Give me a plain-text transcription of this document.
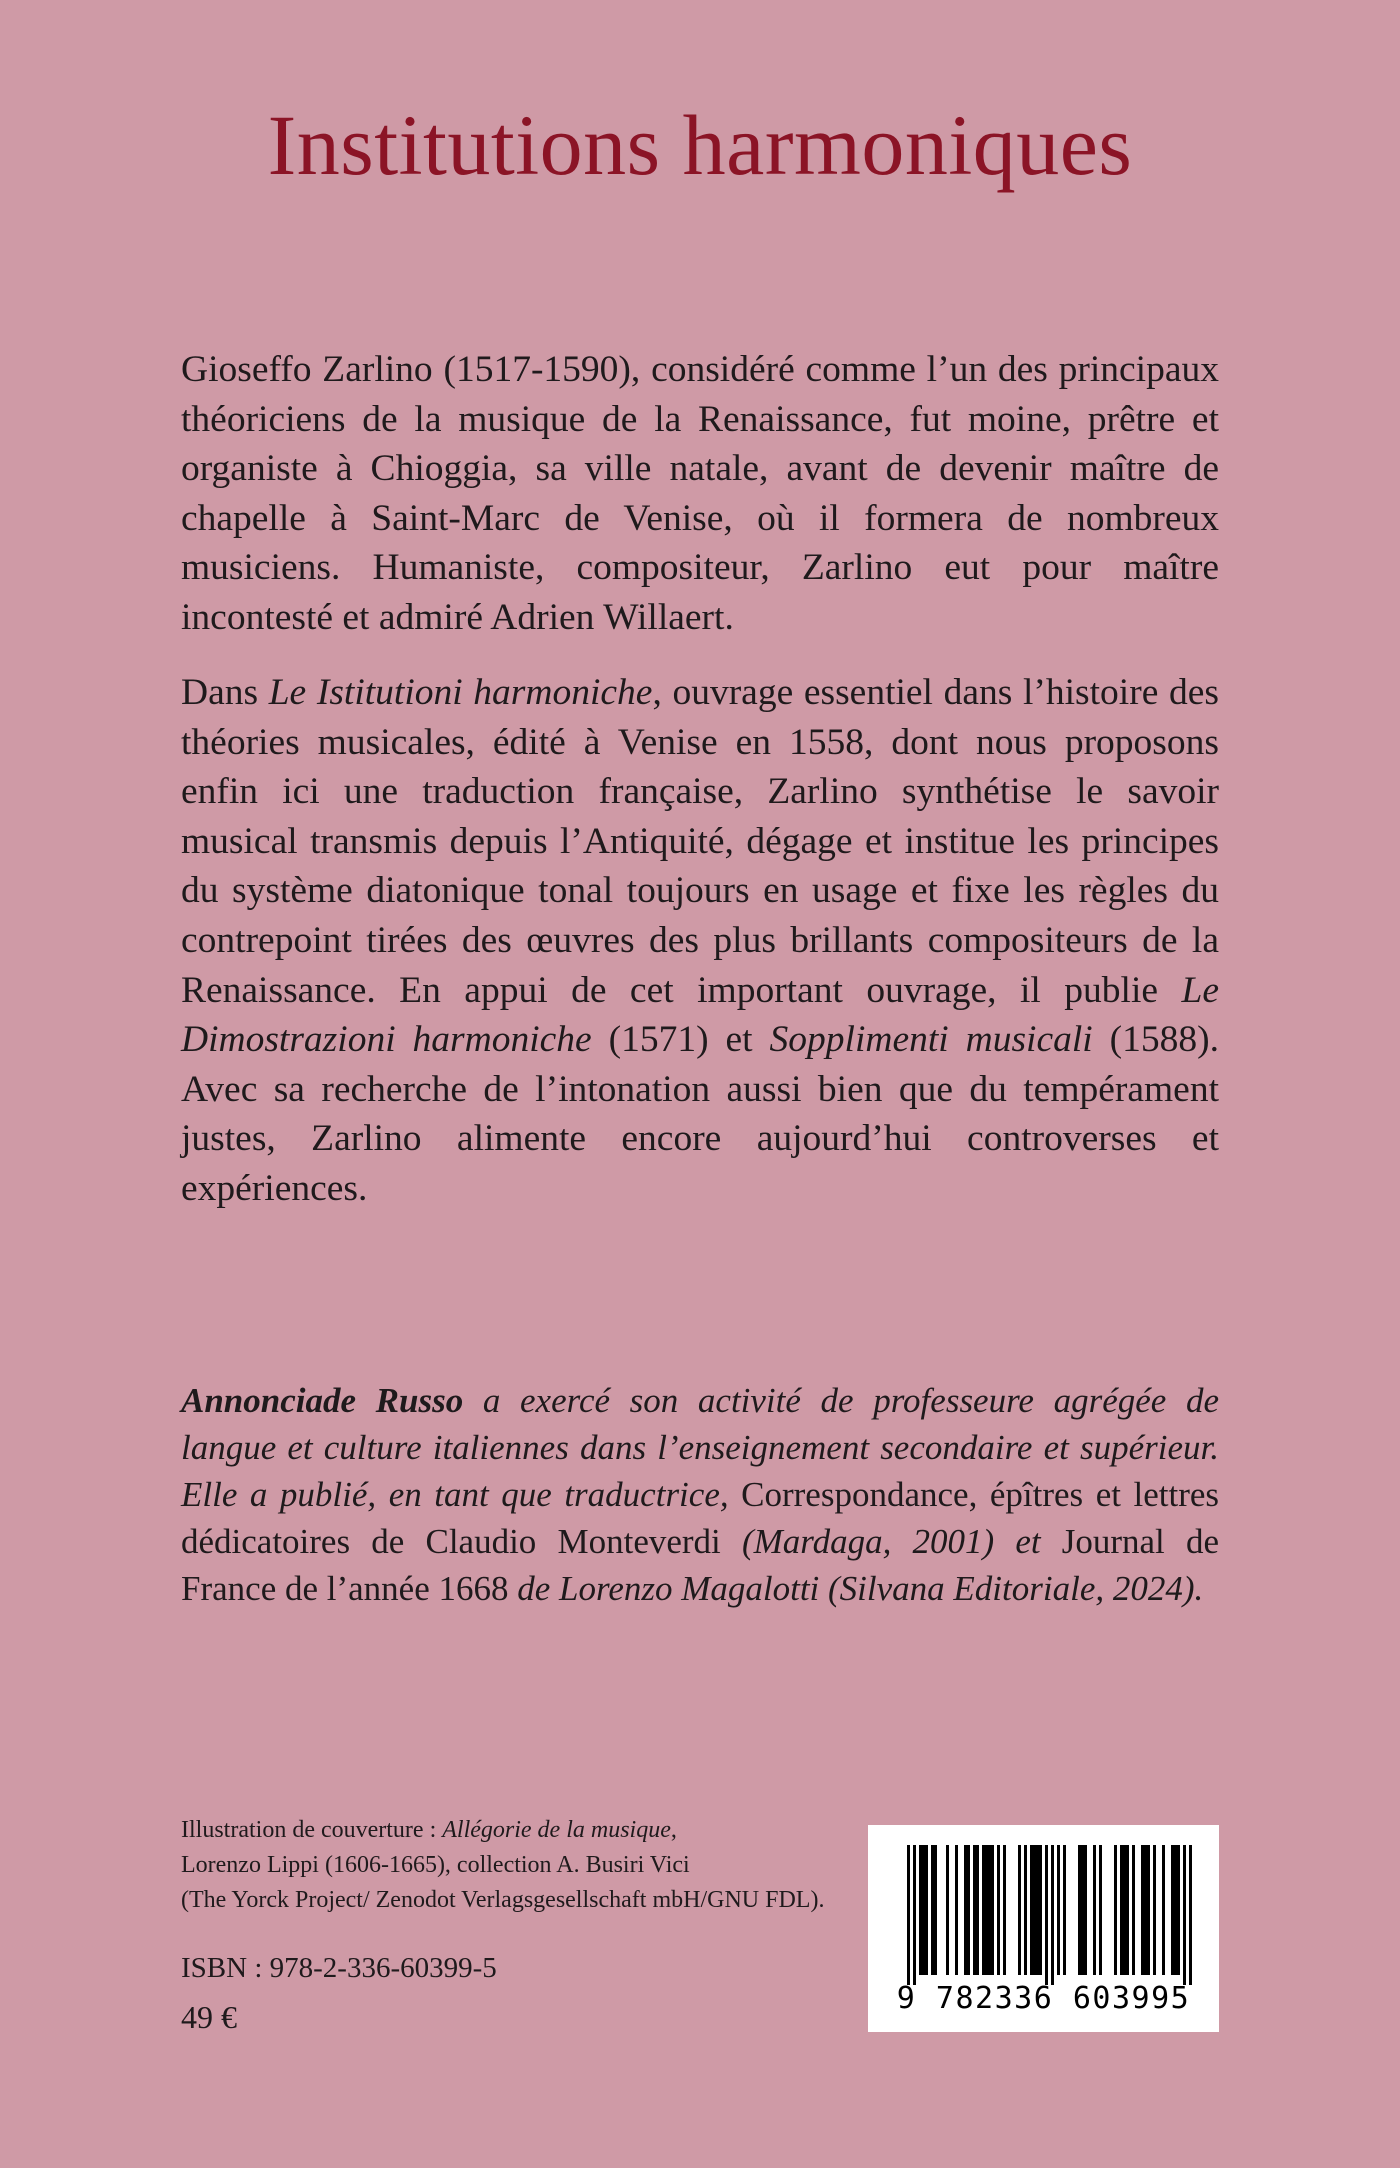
Institutions harmoniques

Gioseffo Zarlino (1517-1590), considéré comme l’un des principaux théoriciens de la musique de la Renaissance, fut moine, prêtre et organiste à Chioggia, sa ville natale, avant de devenir maître de chapelle à Saint-Marc de Venise, où il formera de nombreux musiciens. Humaniste, compositeur, Zarlino eut pour maître incontesté et admiré Adrien Willaert.

Dans Le Istitutioni harmoniche, ouvrage essentiel dans l’histoire des théories musicales, édité à Venise en 1558, dont nous proposons enfin ici une traduction française, Zarlino synthétise le savoir musical transmis depuis l’Antiquité, dégage et institue les principes du système diatonique tonal toujours en usage et fixe les règles du contrepoint tirées des œuvres des plus brillants compositeurs de la Renaissance. En appui de cet important ouvrage, il publie Le Dimostrazioni harmoniche (1571) et Sopplimenti musicali (1588). Avec sa recherche de l’intonation aussi bien que du tempérament justes, Zarlino alimente encore aujourd’hui controverses et expériences.

Annonciade Russo a exercé son activité de professeure agrégée de langue et culture italiennes dans l’enseignement secondaire et supérieur. Elle a publié, en tant que traductrice, Correspondance, épîtres et lettres dédicatoires de Claudio Monteverdi (Mardaga, 2001) et Journal de France de l’année 1668 de Lorenzo Magalotti (Silvana Editoriale, 2024).

Illustration de couverture : Allégorie de la musique,
Lorenzo Lippi (1606-1665), collection A. Busiri Vici
(The Yorck Project/ Zenodot Verlagsgesellschaft mbH/GNU FDL).

ISBN : 978-2-336-60399-5
49 €
9 782336 603995
